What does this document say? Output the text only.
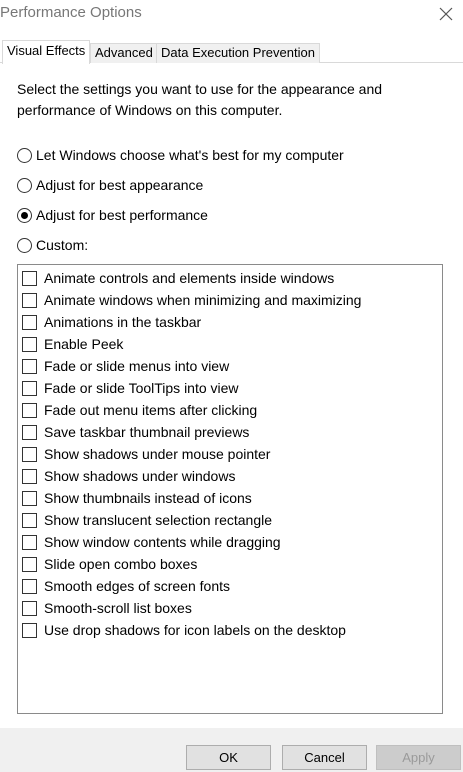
Performance Options
Visual Effects Advanced Data Execution Prevention
Select the settings you want to use for the appearance and performance of Windows on this computer.
Let Windows choose what's best for my computer
Adjust for best appearance
Adjust for best performance
Custom:
Animate controls and elements inside windows
Animate windows when minimizing and maximizing
Animations in the taskbar
Enable Peek
Fade or slide menus into view
Fade or slide ToolTips into view
Fade out menu items after clicking
Save taskbar thumbnail previews
Show shadows under mouse pointer
Show shadows under windows
Show thumbnails instead of icons
Show translucent selection rectangle
Show window contents while dragging
Slide open combo boxes
Smooth edges of screen fonts
Smooth-scroll list boxes
Use drop shadows for icon labels on the desktop
OK	Cancel	Apply
